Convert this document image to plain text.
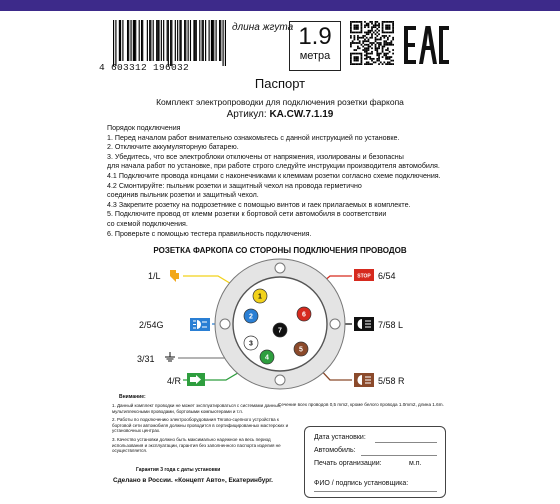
4 603312 196032
длина жгута 1.9
метра
Паспорт
Комплект электропроводки для подключения розетки фаркопа
Артикул: KA.CW.7.1.19
Порядок подключения
1. Перед началом работ внимательно ознакомьтесь с данной инструкцией по установке.
2. Отключите аккумуляторную батарею.
3. Убедитесь, что все электроблоки отключены от напряжения, изолированы и безопасны
для начала работ по установке, при работе строго следуйте инструкции производителя автомобиля.
4.1 Подключите провода концами с наконечниками к клеммам розетки согласно схеме подключения.
4.2 Смонтируйте: пыльник розетки и защитный чехол на провода герметично
соединив пыльник розетки и защитный чехол.
4.3 Закрепите розетку на подрозетнике с помощью винтов и гаек прилагаемых в комплекте.
5. Подключите провод от клемм розетки к бортовой сети автомобиля в соответствии
со схемой подключения.
6. Проверьте с помощью тестера правильность подключения.
РОЗЕТКА ФАРКОПА СО СТОРОНЫ ПОДКЛЮЧЕНИЯ ПРОВОДОВ
1
2
3
4
5
6
7
1/L
2/54G
3/31
4/R
STOP 6/54
7/58 L
5/58 R
Сечение всех проводов 0,5 mm2, кроме белого провода 1.0mm2, длина 1.6m.
Внимание:

1. Данный комплект проводки не может эксплуатироваться с системами данных, мультиплексными проводами, бортовыми компьютерами и т.п.

2. Работы по подключению электрооборудования Тягово-сцепного устройства к бортовой сети автомобиля должны проводится в сертифицированных мастерских и установочных центрах.

3. Качество установки должно быть максимально надежное на весь период использования и эксплуатации, гарантия без заполненного паспорта изделия не осуществляется.

Гарантия 3 года с даты установки
Сделано в России. «Концепт Авто», Екатеринбург.
Дата установки:
Автомобиль:
Печать организации:	м.п.
ФИО / подпись установщика:
